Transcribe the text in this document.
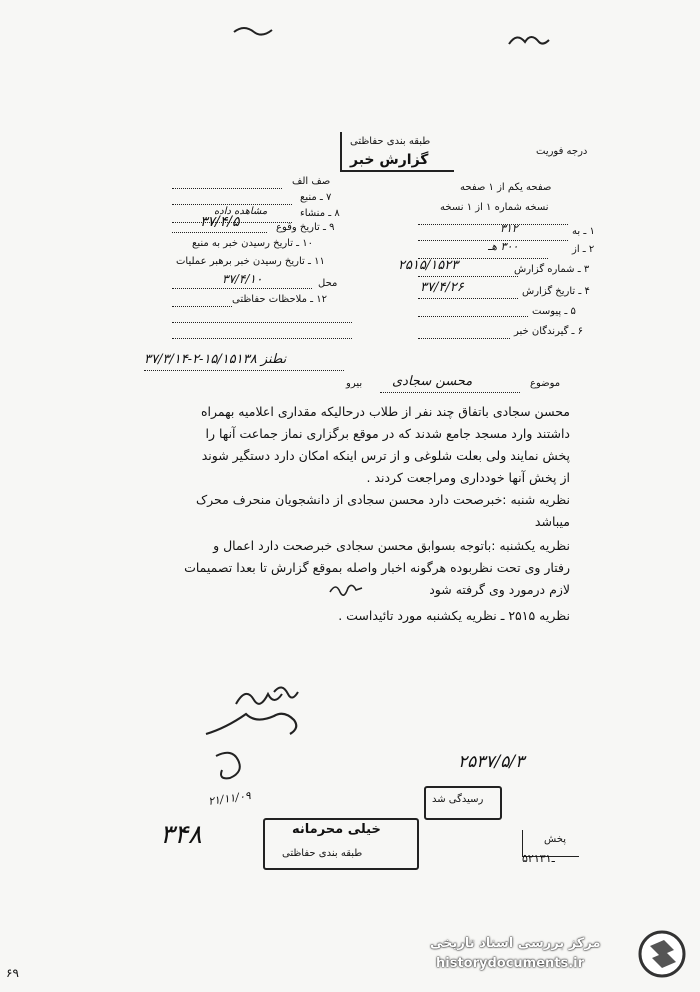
طبقه بندی حفاظتی
گزارش خبر
درجه فوریت
صف الف
۷ ـ منبع
۸ ـ منشاء
مشاهده داده
۹ ـ تاریخ وقوع
۳۷/۴/۵
۱۰ ـ تاریخ رسیدن خبر به منبع
۱۱ ـ تاریخ رسیدن خبر برهبر عملیات
محل
۳۷/۴/۱۰
۱۲ ـ ملاحظات حفاظتی
صفحه یکم از ۱ صفحه
نسخه شماره ۱ از ۱ نسخه
۱ ـ به
۳۱۲
۲ ـ از
۳۰۰ هـ
۳ ـ شماره گزارش
۲۵۱۵/۱۵۲۳
۴ ـ تاریخ گزارش
۳۷/۴/۲۶
۵ ـ پیوست
۶ ـ گیرندگان خبر
۳۷/۳/۱۴-۲-۱۵/۱۵۱۳۸ نطنز
موضوع
محسن سجادی
بیرو
محسن سجادی باتفاق چند نفر از طلاب درحالیکه مقداری اعلامیه بهمراه
داشتند وارد مسجد جامع شدند که در موقع برگزاری نماز جماعت آنها را
پخش نمایند ولی بعلت شلوغی و از ترس اینکه امکان دارد دستگیر شوند
از پخش آنها خودداری ومراجعت کردند .
نظریه شنبه :خبرصحت دارد محسن سجادی از دانشجویان منحرف محرک
میباشد
نظریه یکشنبه :باتوجه بسوابق محسن سجادی خبرصحت دارد اعمال و
رفتار وی تحت نظربوده هرگونه اخبار واصله بموقع گزارش تا بعدا تصمیمات
لازم درمورد وی گرفته شود
نظریه ۲۵۱۵ ـ نظریه یکشنبه مورد تائیداست .
۲۱/۱۱/۰۹
۳۴۸	خیلی محرمانه
طبقه بندی حفاظتی
۲۵۳۷/۵/۳
رسیدگی شد
پخش
۵۲ـ۱۳۱
مرکز بررسی اسناد تاریخی
historydocuments.ir
۶۹
